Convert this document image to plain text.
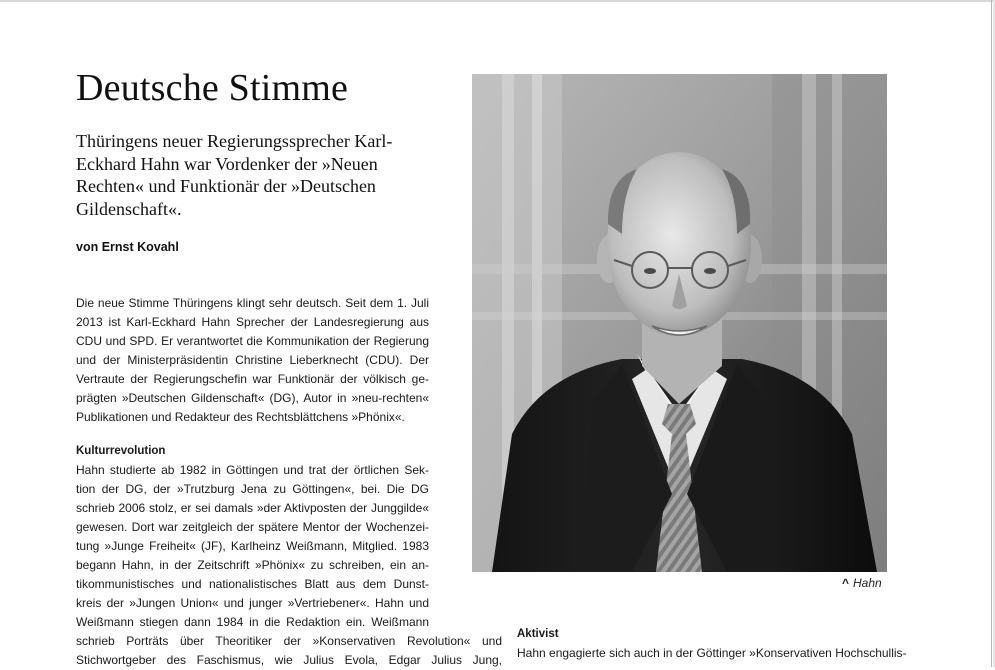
Deutsche Stimme

Thüringens neuer Regierungssprecher Karl-
Eckhard Hahn war Vordenker der »Neuen
Rechten« und Funktionär der »Deutschen
Gildenschaft«.

von Ernst Kovahl
Die neue Stimme Thüringens klingt sehr deutsch. Seit dem 1. Juli
2013 ist Karl-Eckhard Hahn Sprecher der Landesregierung aus
CDU und SPD. Er verantwortet die Kommunikation der Regierung
und der Ministerpräsidentin Christine Lieberknecht (CDU). Der
Vertraute der Regierungschefin war Funktionär der völkisch ge-
prägten »Deutschen Gildenschaft« (DG), Autor in »neu-rechten«
Publikationen und Redakteur des Rechtsblättchens »Phönix«.
Kulturrevolution
Hahn studierte ab 1982 in Göttingen und trat der örtlichen Sek-
tion der DG, der »Trutzburg Jena zu Göttingen«, bei. Die DG
schrieb 2006 stolz, er sei damals »der Aktivposten der Junggilde«
gewesen. Dort war zeitgleich der spätere Mentor der Wochenzei-
tung »Junge Freiheit« (JF), Karlheinz Weißmann, Mitglied. 1983
begann Hahn, in der Zeitschrift »Phönix« zu schreiben, ein an-
tikommunistisches und nationalistisches Blatt aus dem Dunst-
kreis der »Jungen Union« und junger »Vertriebener«. Hahn und
Weißmann stiegen dann 1984 in die Redaktion ein. Weißmann
schrieb Porträts über Theoritiker der »Konservativen Revolution« und
Stichwortgeber des Faschismus, wie Julius Evola, Edgar Julius Jung,
^ Hahn
Aktivist
Hahn engagierte sich auch in der Göttinger »Konservativen Hochschullis-
